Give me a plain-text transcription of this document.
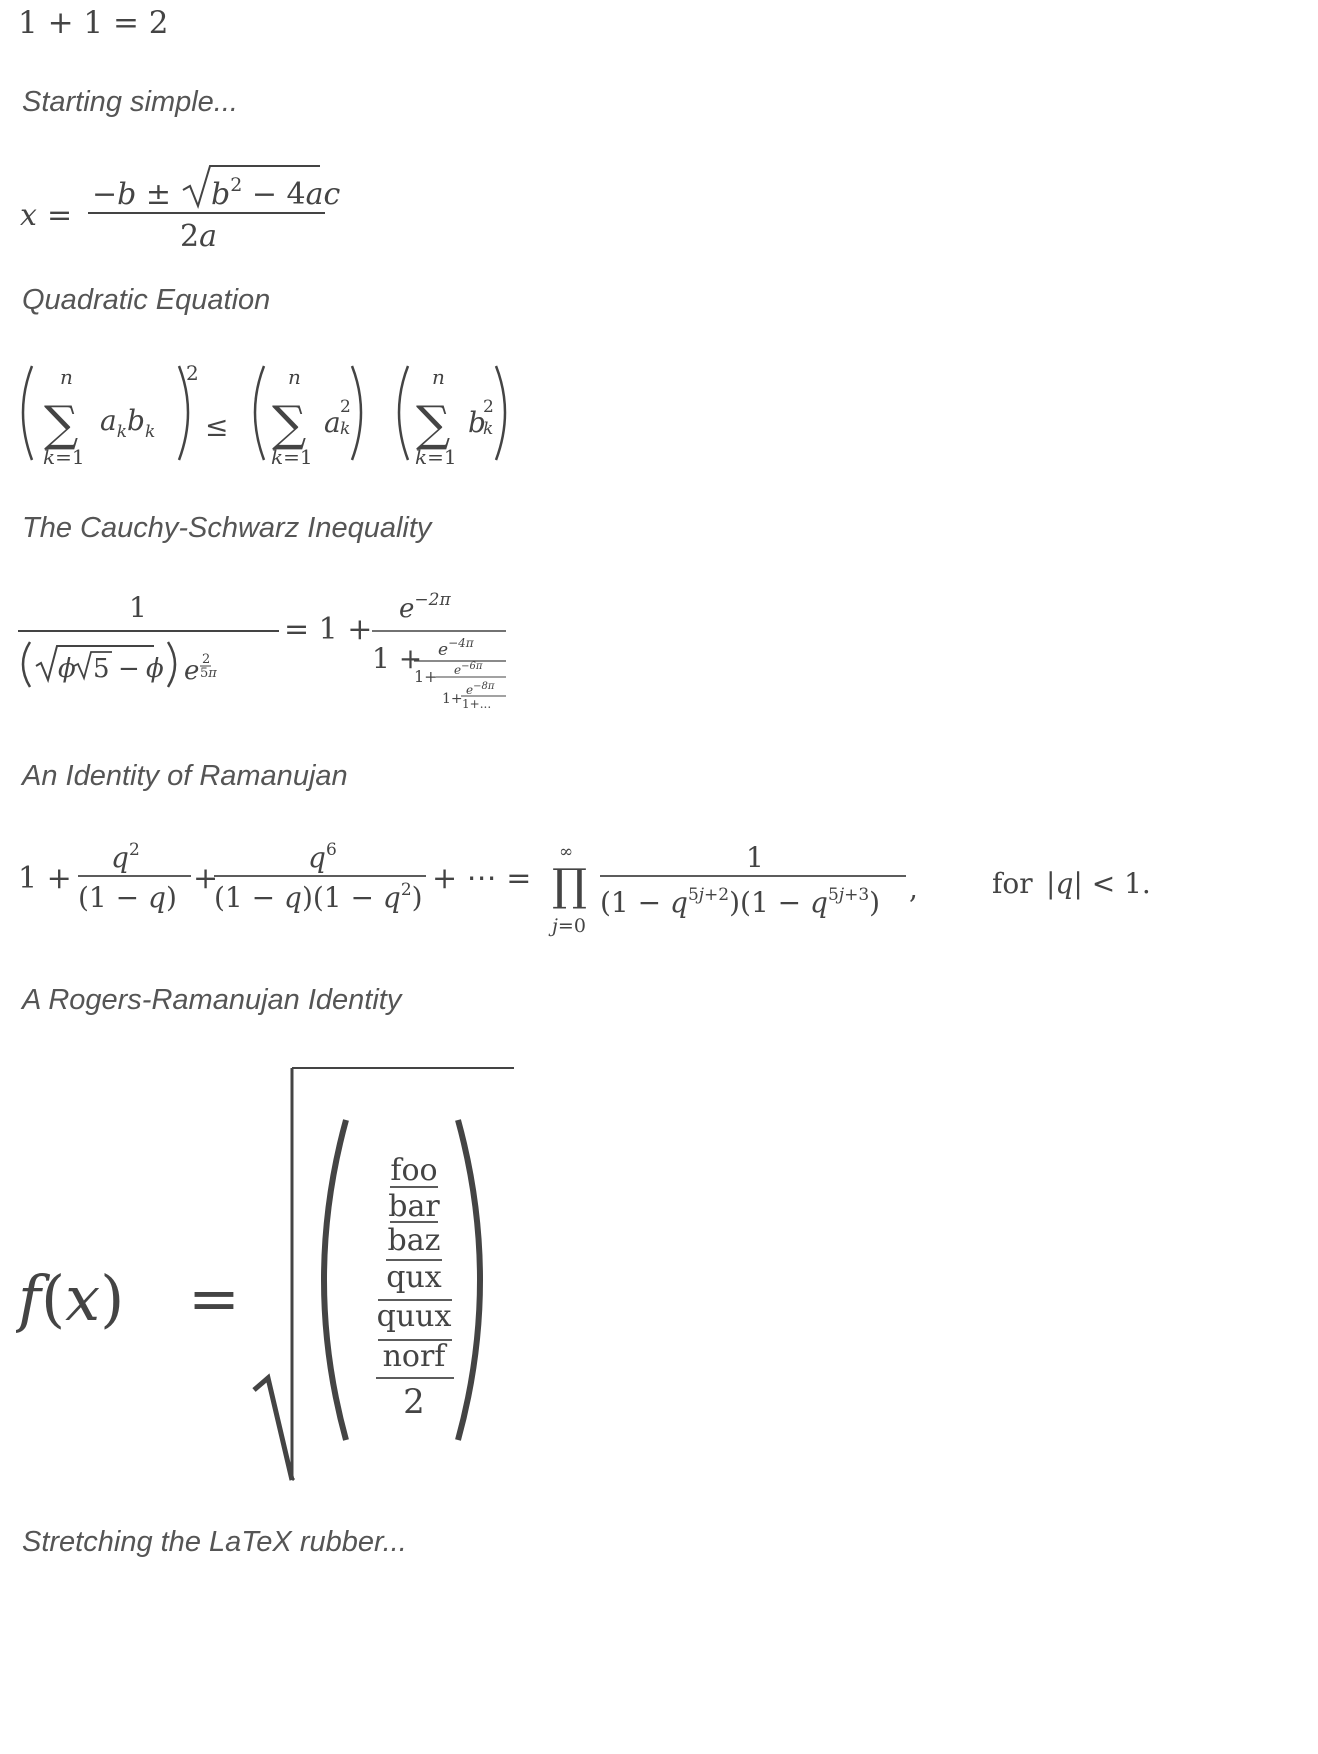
1 + 1 = 2
Starting simple...
x =
$-b \pm b^2 - 4ac$
2a
Quadratic Equation
n
∑
k=1
$a_kb_k$
2
≤
n
∑
k=1
a 2
k
n
∑
k=1
b
2
k
The Cauchy-Schwarz Inequality
1
ϕ 5 − ϕ e 2
5π
= 1 +
$e^{-2}\pi$
$1 + e^{-4}\pi$
$1+ e^{-6}\pi$
1+
$e^{-8}\pi$
1+...
An Identity of Ramanujan
1 +
$q^2$
(1 − q)
+
$q^6$
$(1 - q)(1 - q^2)$
+ ⋯ =
∞
∏
j=0
1
$(1 - q^{5j+2})(1 - q^{5j+3})$ ,	for |q| < 1.
A Rogers-Ramanujan Identity
f(x) =
foo
bar
baz
qux
quux
norf
2
Stretching the LaTeX rubber...
